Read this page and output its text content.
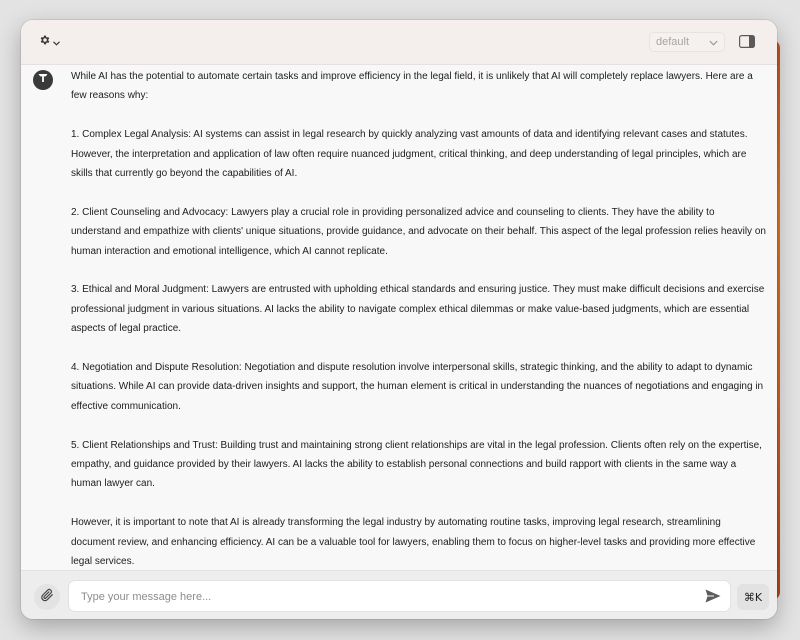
default

While AI has the potential to automate certain tasks and improve efficiency in the legal field, it is unlikely that AI will completely replace lawyers. Here are a few reasons why:

1. Complex Legal Analysis: AI systems can assist in legal research by quickly analyzing vast amounts of data and identifying relevant cases and statutes. However, the interpretation and application of law often require nuanced judgment, critical thinking, and deep understanding of legal principles, which are skills that currently go beyond the capabilities of AI.

2. Client Counseling and Advocacy: Lawyers play a crucial role in providing personalized advice and counseling to clients. They have the ability to understand and empathize with clients' unique situations, provide guidance, and advocate on their behalf. This aspect of the legal profession relies heavily on human interaction and emotional intelligence, which AI cannot replicate.

3. Ethical and Moral Judgment: Lawyers are entrusted with upholding ethical standards and ensuring justice. They must make difficult decisions and exercise professional judgment in various situations. AI lacks the ability to navigate complex ethical dilemmas or make value-based judgments, which are essential aspects of legal practice.

4. Negotiation and Dispute Resolution: Negotiation and dispute resolution involve interpersonal skills, strategic thinking, and the ability to adapt to dynamic situations. While AI can provide data-driven insights and support, the human element is critical in understanding the nuances of negotiations and engaging in effective communication.

5. Client Relationships and Trust: Building trust and maintaining strong client relationships are vital in the legal profession. Clients often rely on the expertise, empathy, and guidance provided by their lawyers. AI lacks the ability to establish personal connections and build rapport with clients in the same way a human lawyer can.

However, it is important to note that AI is already transforming the legal industry by automating routine tasks, improving legal research, streamlining document review, and enhancing efficiency. AI can be a valuable tool for lawyers, enabling them to focus on higher-level tasks and providing more effective legal services.

Type your message here...
⌘K
